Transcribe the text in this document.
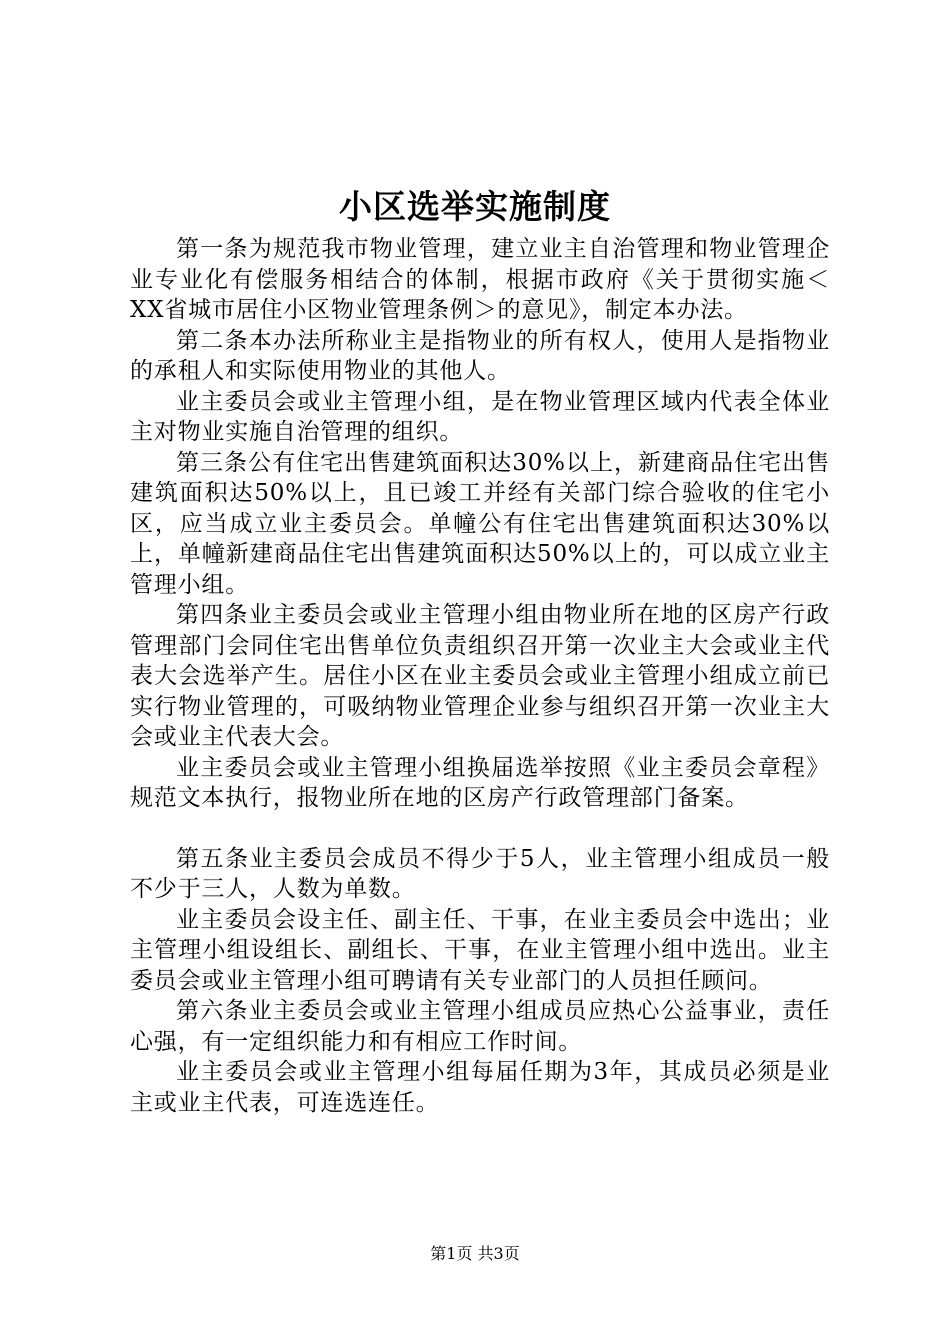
小区选举实施制度

第一条为规范我市物业管理，建立业主自治管理和物业管理企业专业化有偿服务相结合的体制，根据市政府《关于贯彻实施＜XX省城市居住小区物业管理条例＞的意见》，制定本办法。

第二条本办法所称业主是指物业的所有权人，使用人是指物业的承租人和实际使用物业的其他人。

业主委员会或业主管理小组，是在物业管理区域内代表全体业主对物业实施自治管理的组织。

第三条公有住宅出售建筑面积达30%以上，新建商品住宅出售建筑面积达50%以上，且已竣工并经有关部门综合验收的住宅小区，应当成立业主委员会。单幢公有住宅出售建筑面积达30%以上，单幢新建商品住宅出售建筑面积达50%以上的，可以成立业主管理小组。

第四条业主委员会或业主管理小组由物业所在地的区房产行政管理部门会同住宅出售单位负责组织召开第一次业主大会或业主代表大会选举产生。居住小区在业主委员会或业主管理小组成立前已实行物业管理的，可吸纳物业管理企业参与组织召开第一次业主大会或业主代表大会。

业主委员会或业主管理小组换届选举按照《业主委员会章程》规范文本执行，报物业所在地的区房产行政管理部门备案。

第五条业主委员会成员不得少于5人，业主管理小组成员一般不少于三人，人数为单数。

业主委员会设主任、副主任、干事，在业主委员会中选出；业主管理小组设组长、副组长、干事，在业主管理小组中选出。业主委员会或业主管理小组可聘请有关专业部门的人员担任顾问。

第六条业主委员会或业主管理小组成员应热心公益事业，责任心强，有一定组织能力和有相应工作时间。

业主委员会或业主管理小组每届任期为3年，其成员必须是业主或业主代表，可连选连任。

第1页 共3页
